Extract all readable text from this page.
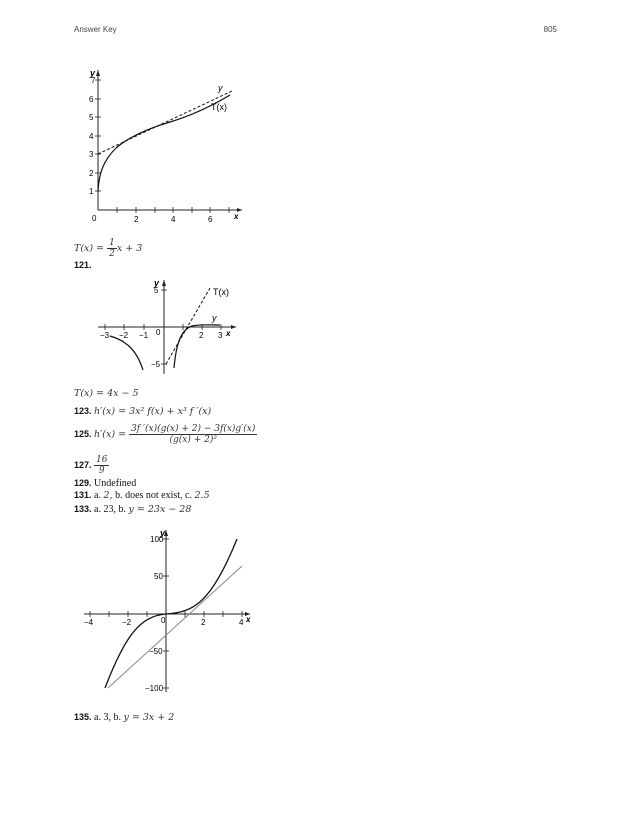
Answer Key	805
y
7
6
5
4
3
2
1
2	4	6
0	x
y
T(x)
$T(x) = \frac{1}{2}$ x + 3
121.
y
5
−5
−3 −2 −1 0	2 3 x
T(x)
y
T(x) = 4x − 5
123. h′(x) = 3x² f(x) + x³ f ′(x)
125. $h'(x) = \frac{3f '(x)(g(x) + 2) - 3f(x)g'(x)}{\text{(g(x) + 2)²}}$
127. $\frac{16}{9}$
129. Undefined
131. a. 2, b. does not exist, c. 2.5
133. a. 23, b. y = 23x − 28
y
100
50
−50
−100
−4	−2	0	2	4 x
135. a. 3, b. y = 3x + 2
